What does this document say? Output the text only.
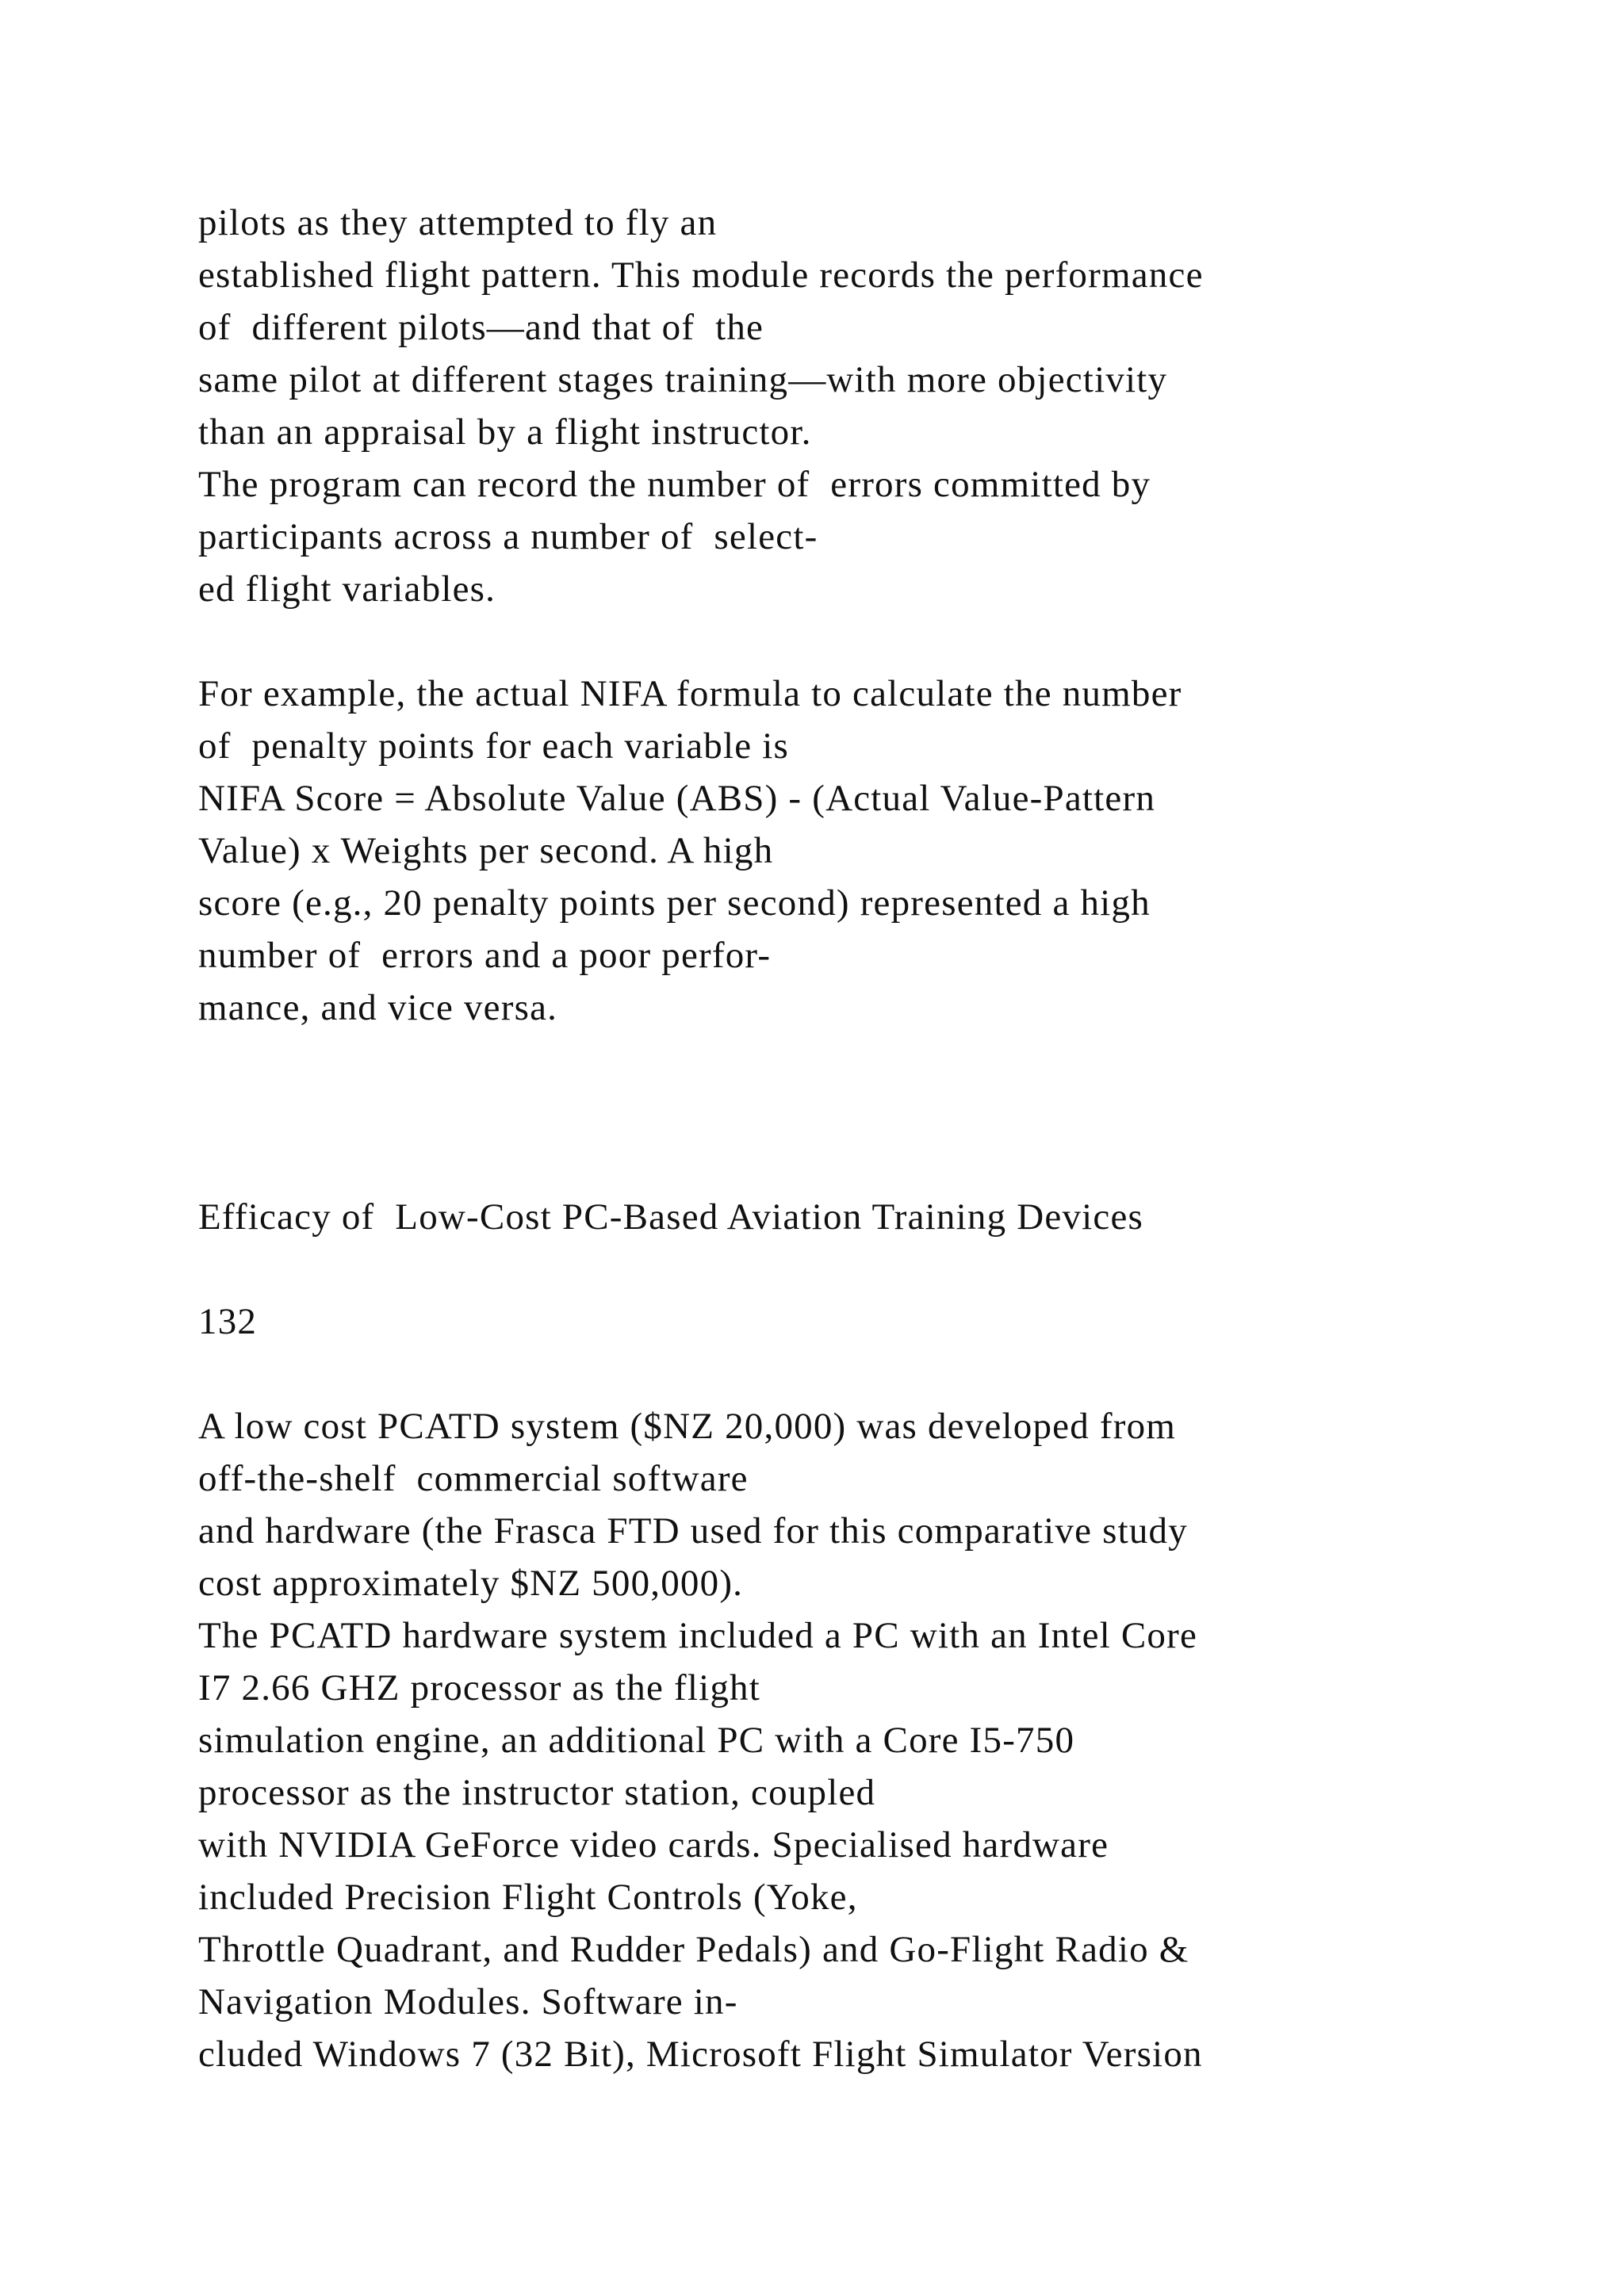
pilots as they attempted to fly an
established flight pattern. This module records the performance
of  different pilots—and that of  the
same pilot at different stages training—with more objectivity
than an appraisal by a flight instructor.
The program can record the number of  errors committed by
participants across a number of  select-
ed flight variables.
For example, the actual NIFA formula to calculate the number
of  penalty points for each variable is
NIFA Score = Absolute Value (ABS) - (Actual Value-Pattern
Value) x Weights per second. A high
score (e.g., 20 penalty points per second) represented a high
number of  errors and a poor perfor-
mance, and vice versa.
Efficacy of  Low-Cost PC-Based Aviation Training Devices
132
A low cost PCATD system ($NZ 20,000) was developed from
off-the-shelf  commercial software
and hardware (the Frasca FTD used for this comparative study
cost approximately $NZ 500,000).
The PCATD hardware system included a PC with an Intel Core
I7 2.66 GHZ processor as the flight
simulation engine, an additional PC with a Core I5-750
processor as the instructor station, coupled
with NVIDIA GeForce video cards. Specialised hardware
included Precision Flight Controls (Yoke,
Throttle Quadrant, and Rudder Pedals) and Go-Flight Radio &
Navigation Modules. Software in-
cluded Windows 7 (32 Bit), Microsoft Flight Simulator Version
